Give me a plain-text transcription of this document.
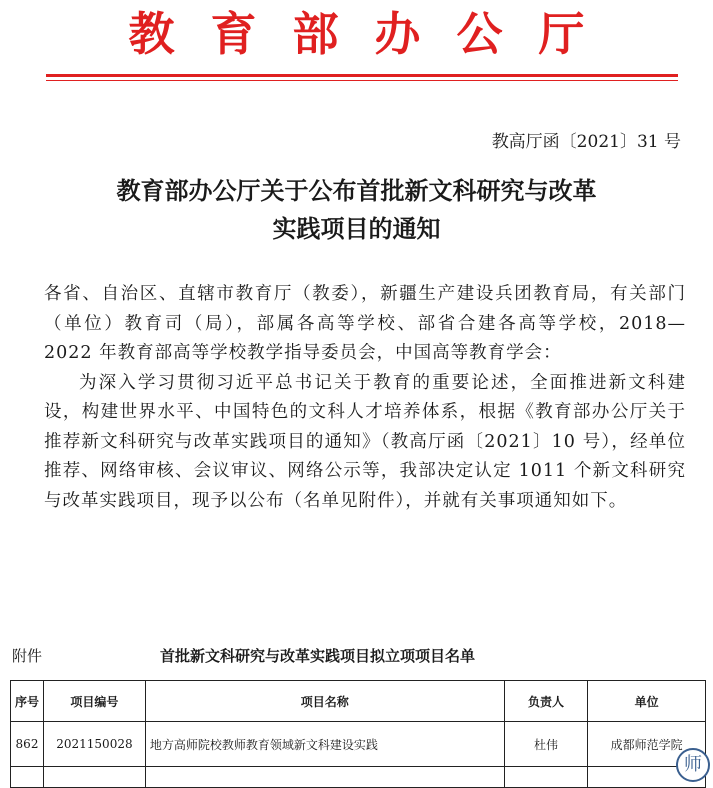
教育部办公厅
教高厅函〔2021〕31 号
教育部办公厅关于公布首批新文科研究与改革
实践项目的通知

各省、自治区、直辖市教育厅（教委），新疆生产建设兵团教育局，有关部门（单位）教育司（局），部属各高等学校、部省合建各高等学校，2018—2022 年教育部高等学校教学指导委员会，中国高等教育学会：

为深入学习贯彻习近平总书记关于教育的重要论述，全面推进新文科建设，构建世界水平、中国特色的文科人才培养体系，根据《教育部办公厅关于推荐新文科研究与改革实践项目的通知》（教高厅函〔2021〕10 号），经单位推荐、网络审核、会议审议、网络公示等，我部决定认定 1011 个新文科研究与改革实践项目，现予以公布（名单见附件），并就有关事项通知如下。

附件	首批新文科研究与改革实践项目拟立项项目名单
序号	项目编号	项目名称	负责人	单位
862	2021150028	地方高师院校教师教育领域新文科建设实践	杜伟	成都师范学院

师
